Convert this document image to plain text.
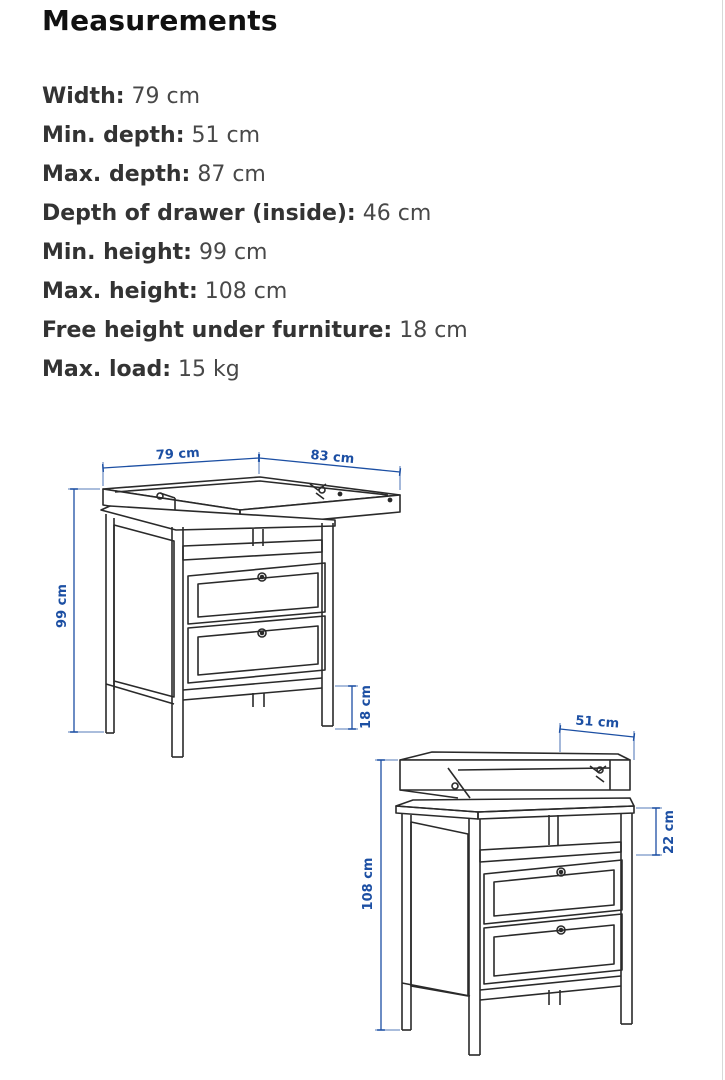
Measurements
Width: 79 cm
Min. depth: 51 cm
Max. depth: 87 cm
Depth of drawer (inside): 46 cm
Min. height: 99 cm
Max. height: 108 cm
Free height under furniture: 18 cm
Max. load: 15 kg
79 cm	83 cm
99 cm
18 cm	51 cm
108 cm
22 cm
